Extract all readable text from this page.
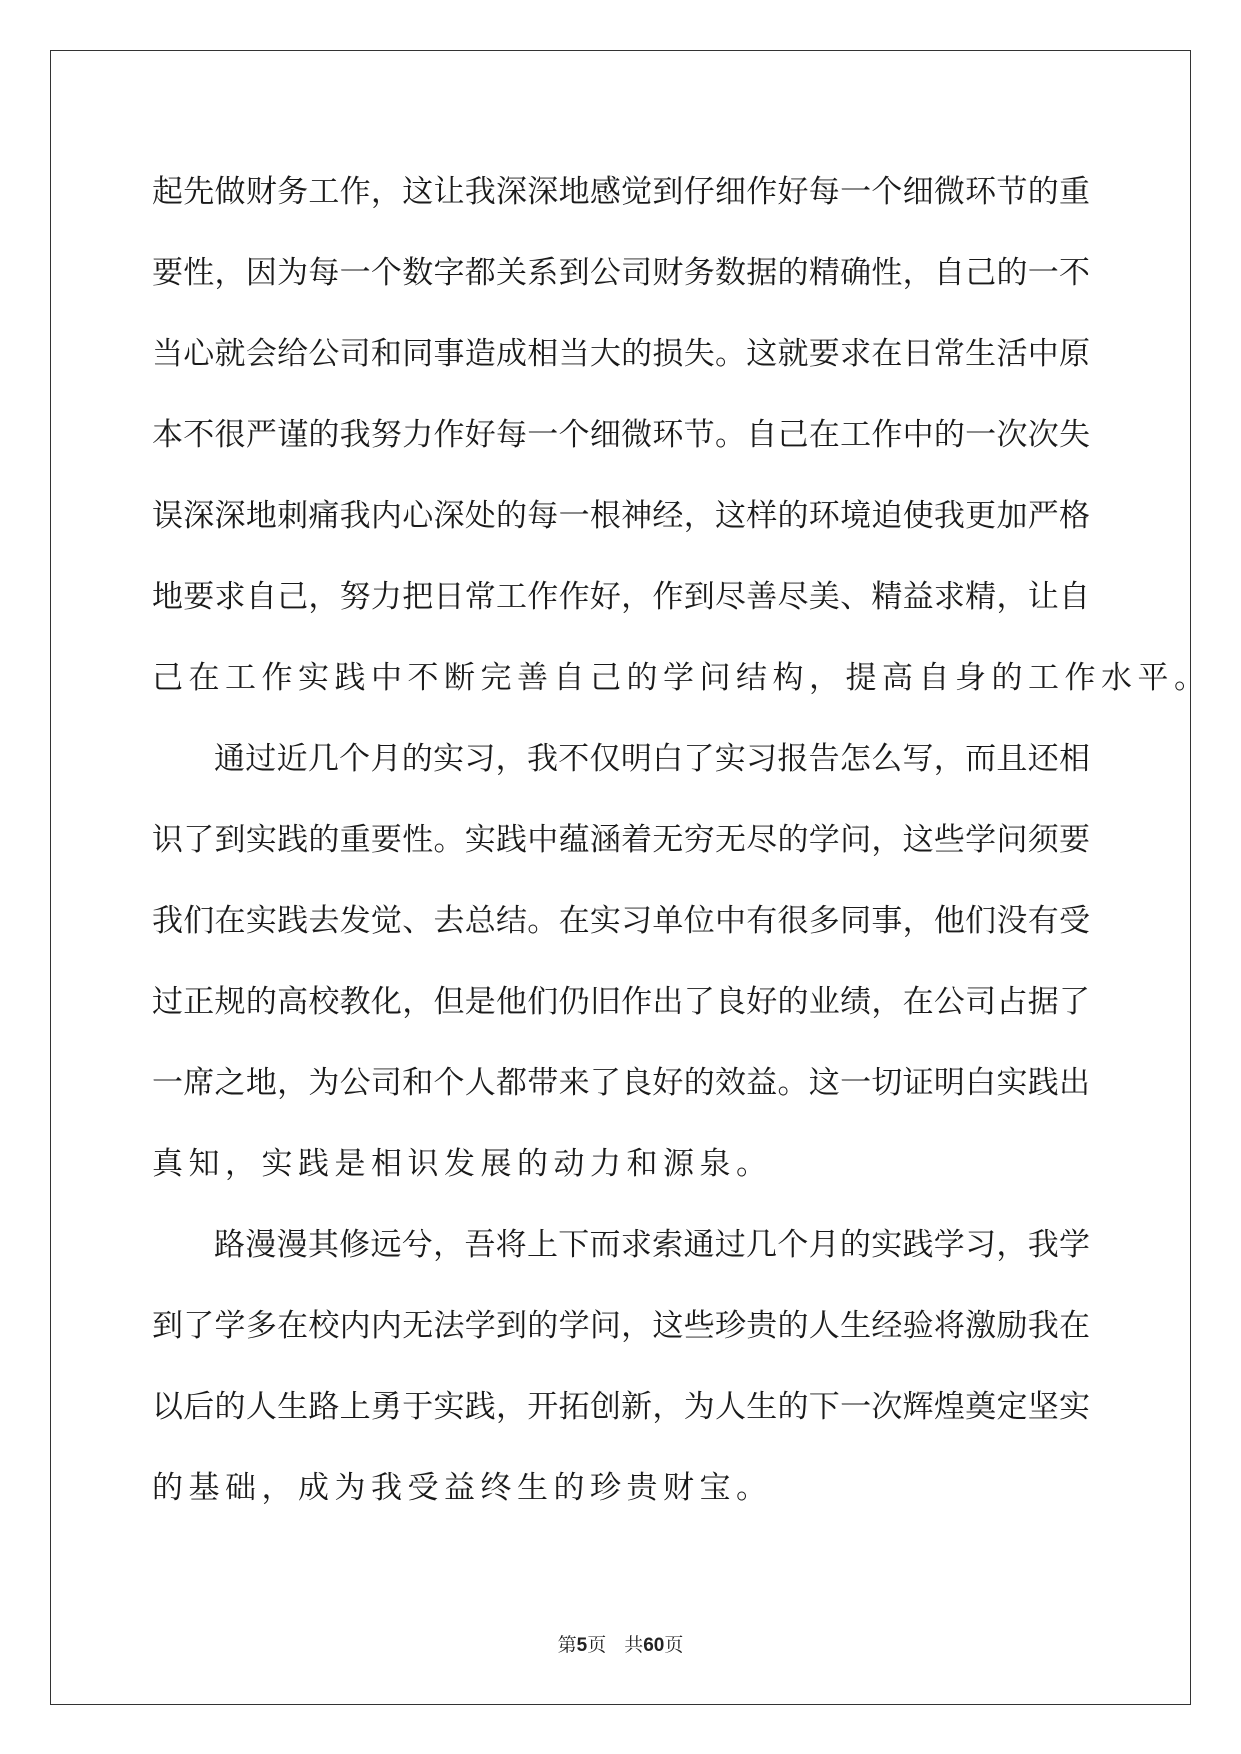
起先做财务工作，这让我深深地感觉到仔细作好每一个细微环节的重
要性，因为每一个数字都关系到公司财务数据的精确性，自己的一不
当心就会给公司和同事造成相当大的损失。这就要求在日常生活中原
本不很严谨的我努力作好每一个细微环节。自己在工作中的一次次失
误深深地刺痛我内心深处的每一根神经，这样的环境迫使我更加严格
地要求自己，努力把日常工作作好，作到尽善尽美、精益求精，让自
己在工作实践中不断完善自己的学问结构，提高自身的工作水平。
通过近几个月的实习，我不仅明白了实习报告怎么写，而且还相
识了到实践的重要性。实践中蕴涵着无穷无尽的学问，这些学问须要
我们在实践去发觉、去总结。在实习单位中有很多同事，他们没有受
过正规的高校教化，但是他们仍旧作出了良好的业绩，在公司占据了
一席之地，为公司和个人都带来了良好的效益。这一切证明白实践出
真知，实践是相识发展的动力和源泉。
路漫漫其修远兮，吾将上下而求索通过几个月的实践学习，我学
到了学多在校内内无法学到的学问，这些珍贵的人生经验将激励我在
以后的人生路上勇于实践，开拓创新，为人生的下一次辉煌奠定坚实
的基础，成为我受益终生的珍贵财宝。
第5页 共60页
